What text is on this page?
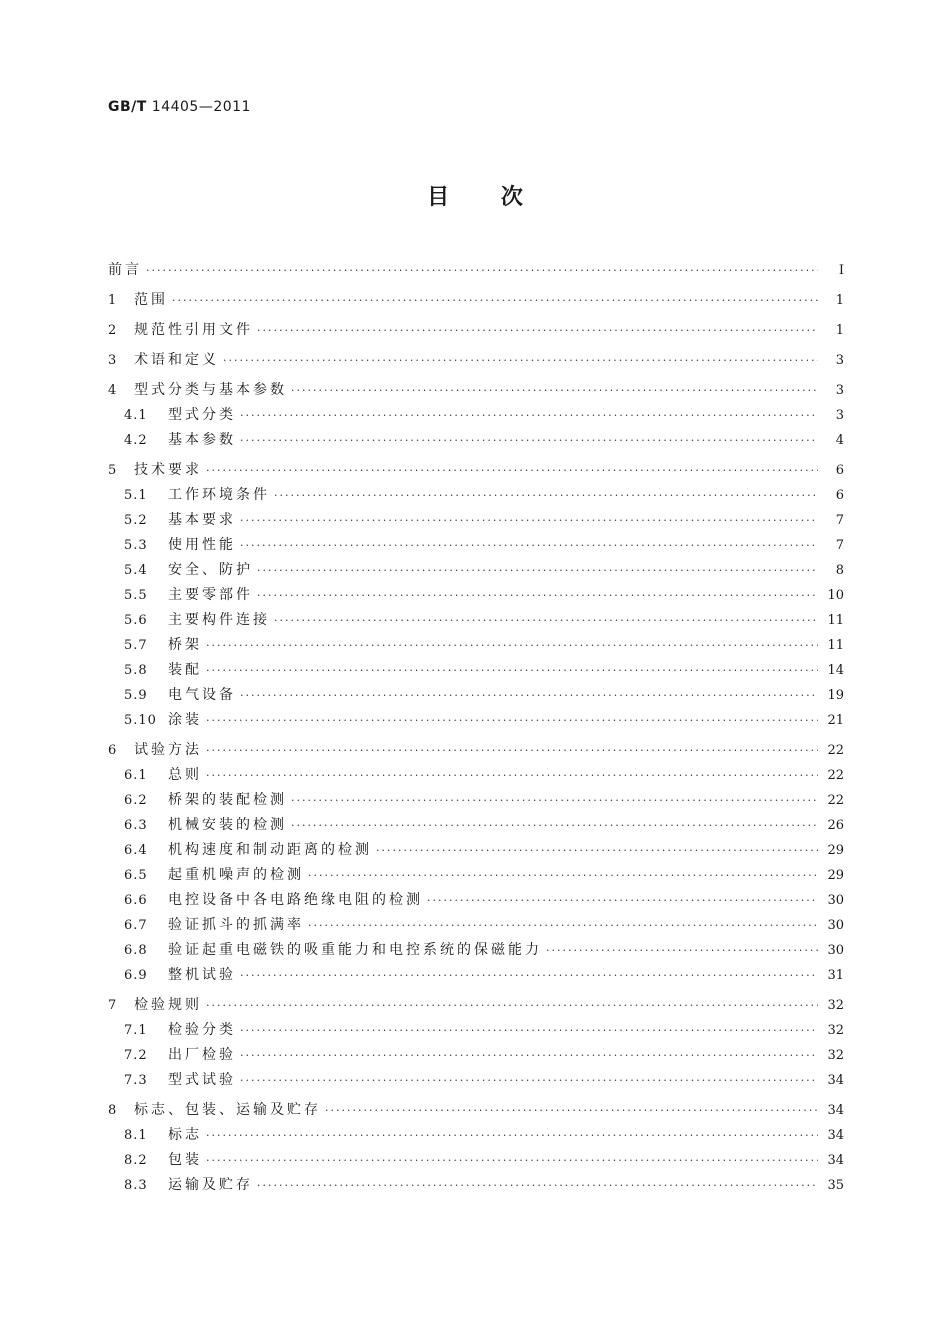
GB/T 14405—2011
目 次
前言 ·····	I
1	范围 ·····	1
2	规范性引用文件 ·····	1
3	术语和定义 ·····	3
4	型式分类与基本参数 ·····	3
4.1	型式分类 ·····	3
4.2	基本参数 ·····	4
5	技术要求 ·····	6
5.1	工作环境条件 ·····	6
5.2	基本要求 ·····	7
5.3	使用性能 ·····	7
5.4	安全、防护 ·····	8
5.5	主要零部件 ·····	10
5.6	主要构件连接 ·····	11
5.7	桥架 ·····	11
5.8	装配 ·····	14
5.9	电气设备 ·····	19
5.10 涂装 ·····	21
6	试验方法 ·····	22
6.1	总则 ·····	22
6.2	桥架的装配检测 ·····	22
6.3	机械安装的检测 ·····	26
6.4	机构速度和制动距离的检测 ·····	29
6.5	起重机噪声的检测 ·····	29
6.6	电控设备中各电路绝缘电阻的检测 ·····	30
6.7	验证抓斗的抓满率 ·····	30
6.8	验证起重电磁铁的吸重能力和电控系统的保磁能力 ·····	30
6.9	整机试验 ·····	31
7	检验规则 ·····	32
7.1	检验分类 ·····	32
7.2	出厂检验 ·····	32
7.3	型式试验 ·····	34
8	标志、包装、运输及贮存 ·····	34
8.1	标志 ·····	34
8.2	包装 ·····	34
8.3	运输及贮存 ·····	35
